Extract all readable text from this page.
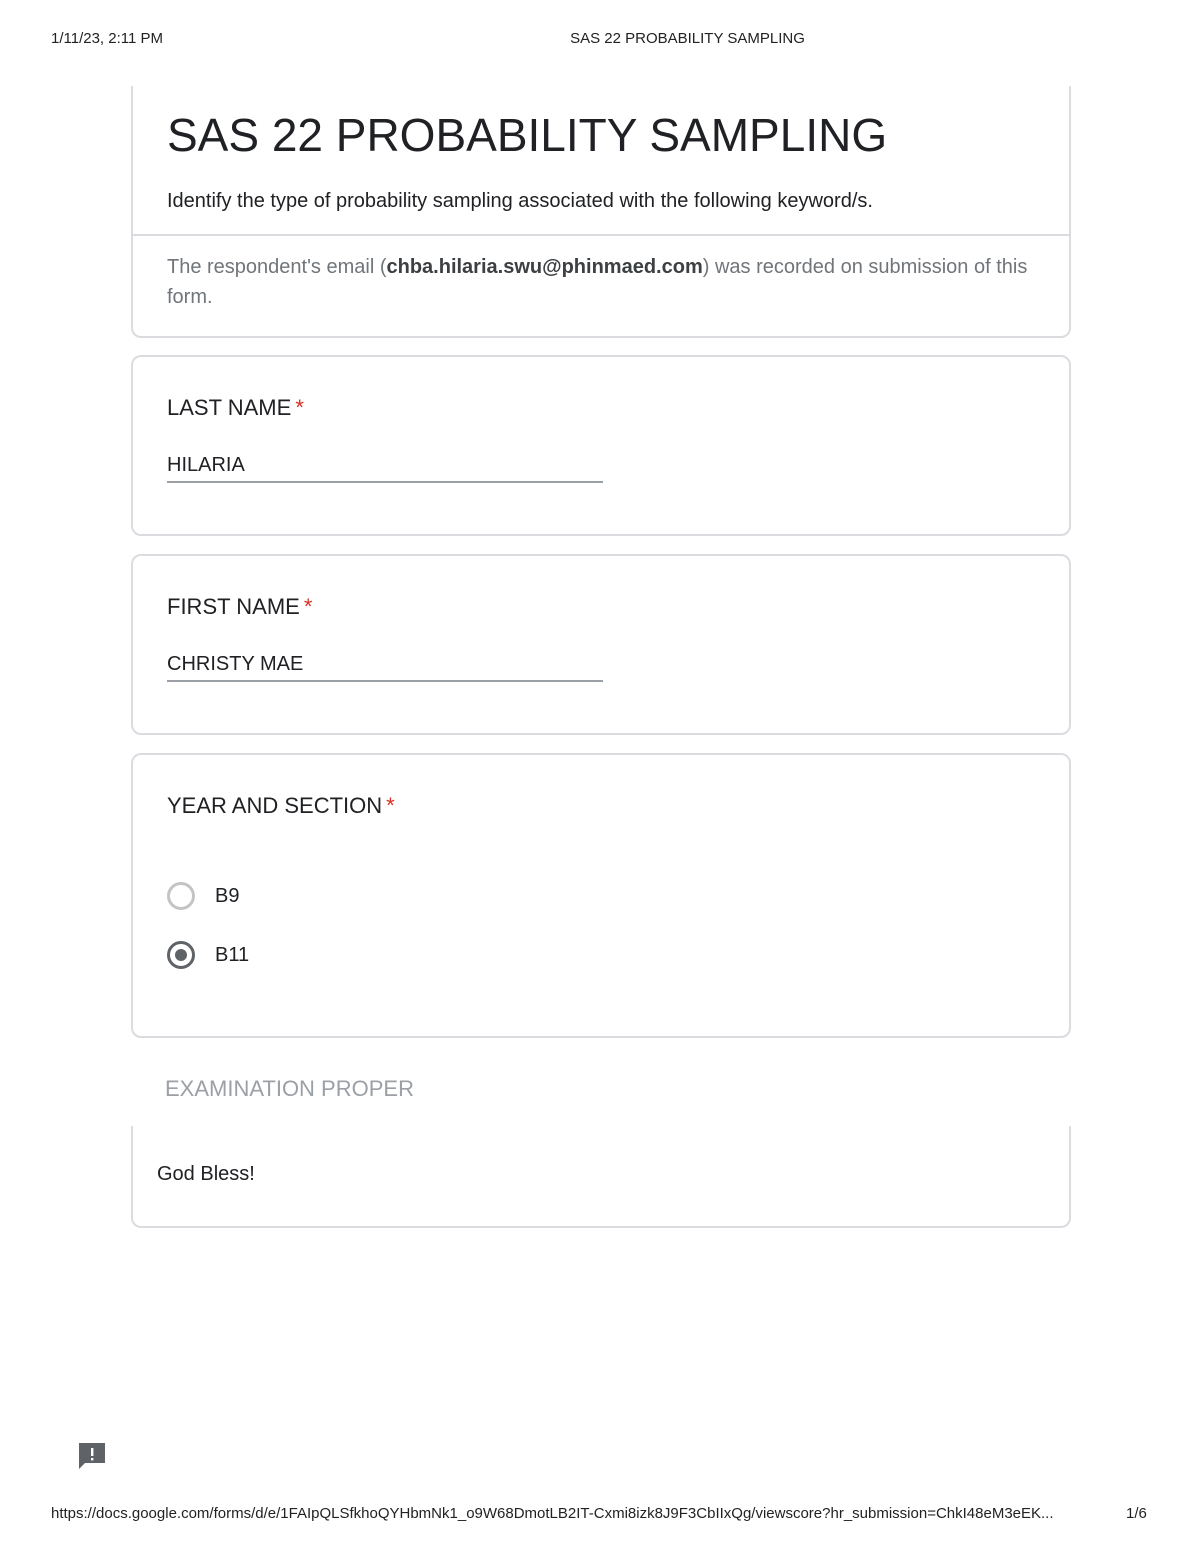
1/11/23, 2:11 PM	SAS 22 PROBABILITY SAMPLING
SAS 22 PROBABILITY SAMPLING
Identify the type of probability sampling associated with the following keyword/s.
The respondent's email (chba.hilaria.swu@phinmaed.com) was recorded on submission of this form.
LAST NAME *
HILARIA
FIRST NAME *
CHRISTY MAE
YEAR AND SECTION *
B9
B11
EXAMINATION PROPER
God Bless!
https://docs.google.com/forms/d/e/1FAIpQLSfkhoQYHbmNk1_o9W68DmotLB2IT-Cxmi8izk8J9F3CbIIxQg/viewscore?hr_submission=ChkI48eM3eEK...	1/6
